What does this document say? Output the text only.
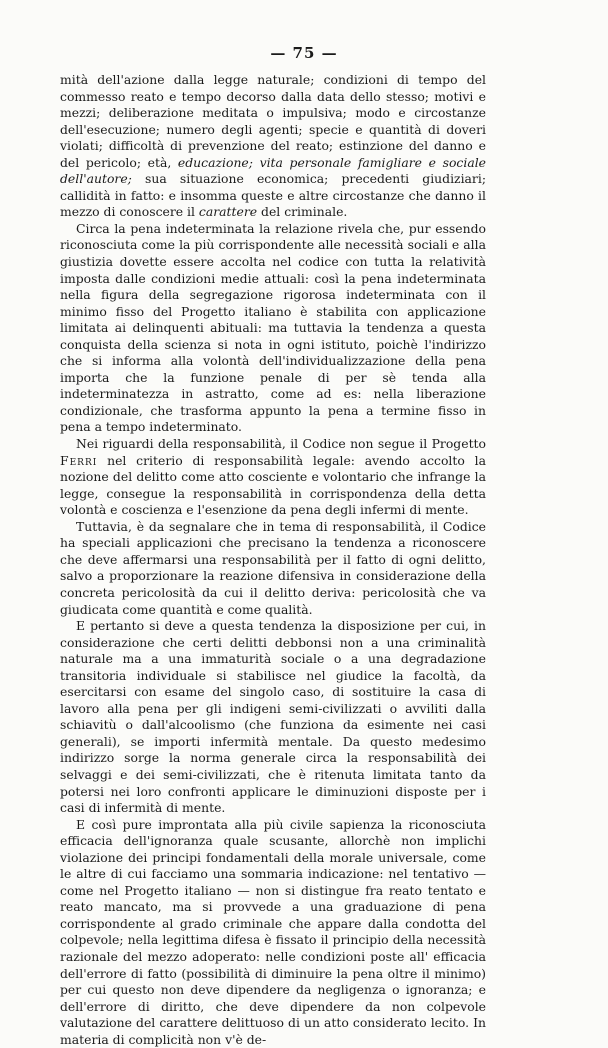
— 75 —

mità dell'azione dalla legge naturale; condizioni di tempo del commesso reato e tempo decorso dalla data dello stesso; motivi e mezzi; deliberazione meditata o impulsiva; modo e circostanze dell'esecuzione; numero degli agenti; specie e quantità di doveri violati; difficoltà di prevenzione del reato; estinzione del danno e del pericolo; età, educazione; vita personale famigliare e sociale dell'autore; sua situazione economica; precedenti giudiziari; callidità in fatto: e insomma queste e altre circostanze che danno il mezzo di conoscere il carattere del criminale.

Circa la pena indeterminata la relazione rivela che, pur essendo riconosciuta come la più corrispondente alle necessità sociali e alla giustizia dovette essere accolta nel codice con tutta la relatività imposta dalle condizioni medie attuali: così la pena indeterminata nella figura della segregazione rigorosa indeterminata con il minimo fisso del Progetto italiano è stabilita con applicazione limitata ai delinquenti abituali: ma tuttavia la tendenza a questa conquista della scienza si nota in ogni istituto, poichè l'indirizzo che si informa alla volontà dell'individualizzazione della pena importa che la funzione penale di per sè tenda alla indeterminatezza in astratto, come ad es: nella liberazione condizionale, che trasforma appunto la pena a termine fisso in pena a tempo indeterminato.

Nei riguardi della responsabilità, il Codice non segue il Progetto Ferri nel criterio di responsabilità legale: avendo accolto la nozione del delitto come atto cosciente e volontario che infrange la legge, consegue la responsabilità in corrispondenza della detta volontà e coscienza e l'esenzione da pena degli infermi di mente.

Tuttavia, è da segnalare che in tema di responsabilità, il Codice ha speciali applicazioni che precisano la tendenza a riconoscere che deve affermarsi una responsabilità per il fatto di ogni delitto, salvo a proporzionare la reazione difensiva in considerazione della concreta pericolosità da cui il delitto deriva: pericolosità che va giudicata come quantità e come qualità.

E pertanto si deve a questa tendenza la disposizione per cui, in considerazione che certi delitti debbonsi non a una criminalità naturale ma a una immaturità sociale o a una degradazione transitoria individuale si stabilisce nel giudice la facoltà, da esercitarsi con esame del singolo caso, di sostituire la casa di lavoro alla pena per gli indigeni semi-civilizzati o avviliti dalla schiavitù o dall'alcoolismo (che funziona da esimente nei casi generali), se importi infermità mentale. Da questo medesimo indirizzo sorge la norma generale circa la responsabilità dei selvaggi e dei semi-civilizzati, che è ritenuta limitata tanto da potersi nei loro confronti applicare le diminuzioni disposte per i casi di infermità di mente.

E così pure improntata alla più civile sapienza la riconosciuta efficacia dell'ignoranza quale scusante, allorchè non implichi violazione dei principi fondamentali della morale universale, come le altre di cui facciamo una sommaria indicazione: nel tentativo — come nel Progetto italiano — non si distingue fra reato tentato e reato mancato, ma si provvede a una graduazione di pena corrispondente al grado criminale che appare dalla condotta del colpevole; nella legittima difesa è fissato il principio della necessità razionale del mezzo adoperato: nelle condizioni poste all' efficacia dell'errore di fatto (possibilità di diminuire la pena oltre il minimo) per cui questo non deve dipendere da negligenza o ignoranza; e dell'errore di diritto, che deve dipendere da non colpevole valutazione del carattere delittuoso di un atto considerato lecito. In materia di complicità non v'è de-
